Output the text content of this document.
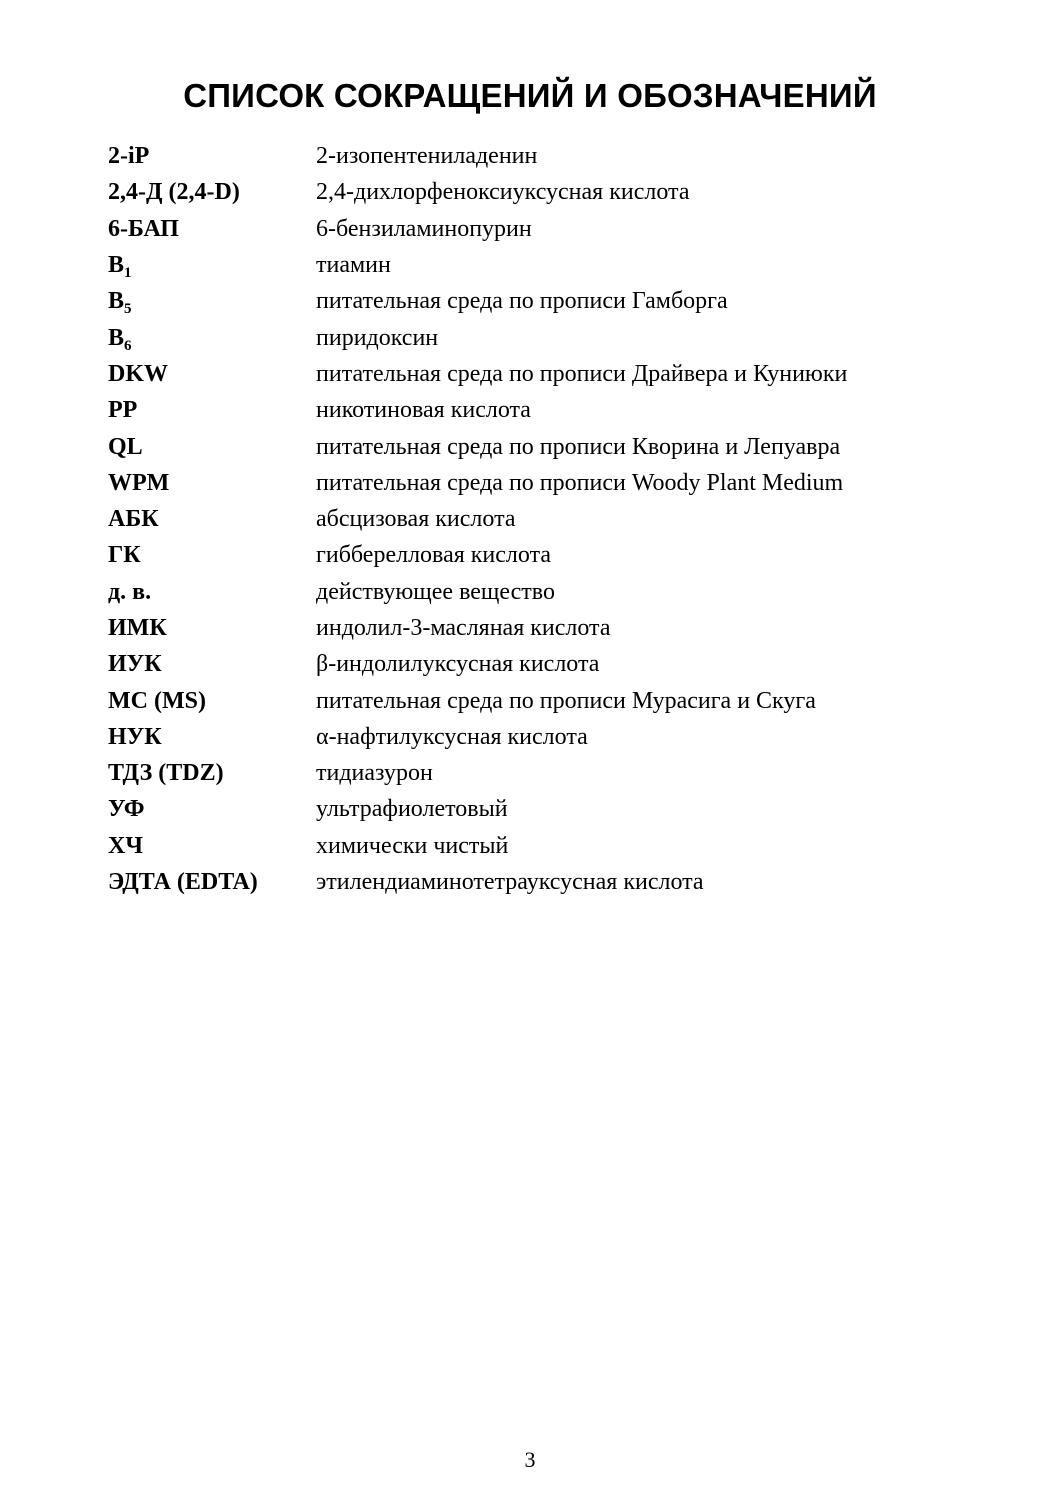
СПИСОК СОКРАЩЕНИЙ И ОБОЗНАЧЕНИЙ
2-iP	2-изопентениладенин
2,4-Д (2,4-D)	2,4-дихлорфеноксиуксусная кислота
6-БАП	6-бензиламинопурин
$B_1$	тиамин
$B_5$	питательная среда по прописи Гамборга
$B_6$	пиридоксин
DKW	питательная среда по прописи Драйвера и Куниюки
PP	никотиновая кислота
QL	питательная среда по прописи Кворина и Лепуавра
WPM	питательная среда по прописи Woody Plant Medium
АБК	абсцизовая кислота
ГК	гибберелловая кислота
д. в.	действующее вещество
ИМК	индолил-3-масляная кислота
ИУК	β-индолилуксусная кислота
МС (MS)	питательная среда по прописи Мурасига и Скуга
НУК	α-нафтилуксусная кислота
ТДЗ (TDZ)	тидиазурон
УФ	ультрафиолетовый
ХЧ	химически чистый
ЭДТА (EDTA)	этилендиаминотетрауксусная кислота
3
